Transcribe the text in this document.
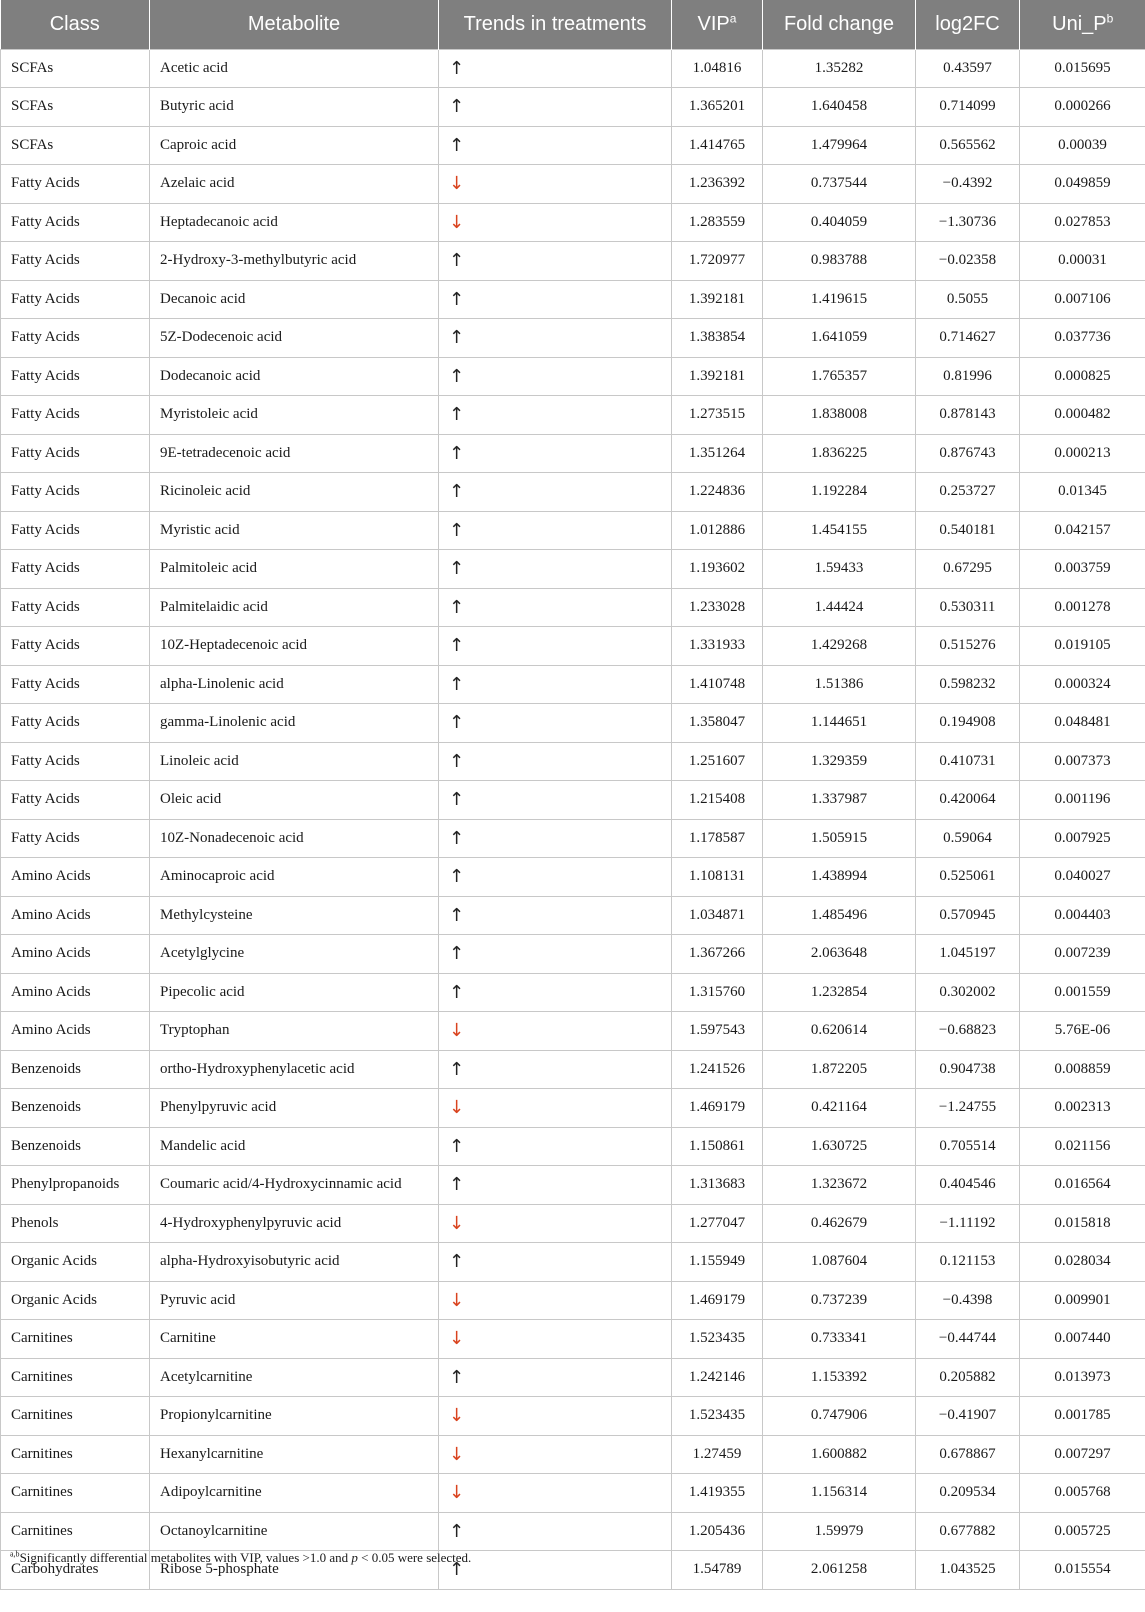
Class	Metabolite	Trends in treatments	VIP$^a$	Fold change	log2FC	$Uni\_P^b$
SCFAs	Acetic acid	↑	1.04816	1.35282	0.43597	0.015695
SCFAs	Butyric acid	↑	1.365201	1.640458	0.714099	0.000266
SCFAs	Caproic acid	↑	1.414765	1.479964	0.565562	0.00039
Fatty Acids	Azelaic acid	↓	1.236392	0.737544	−0.4392	0.049859
Fatty Acids	Heptadecanoic acid	↓	1.283559	0.404059	−1.30736	0.027853
Fatty Acids	2-Hydroxy-3-methylbutyric acid	↑	1.720977	0.983788	−0.02358	0.00031
Fatty Acids	Decanoic acid	↑	1.392181	1.419615	0.5055	0.007106
Fatty Acids	5Z-Dodecenoic acid	↑	1.383854	1.641059	0.714627	0.037736
Fatty Acids	Dodecanoic acid	↑	1.392181	1.765357	0.81996	0.000825
Fatty Acids	Myristoleic acid	↑	1.273515	1.838008	0.878143	0.000482
Fatty Acids	9E-tetradecenoic acid	↑	1.351264	1.836225	0.876743	0.000213
Fatty Acids	Ricinoleic acid	↑	1.224836	1.192284	0.253727	0.01345
Fatty Acids	Myristic acid	↑	1.012886	1.454155	0.540181	0.042157
Fatty Acids	Palmitoleic acid	↑	1.193602	1.59433	0.67295	0.003759
Fatty Acids	Palmitelaidic acid	↑	1.233028	1.44424	0.530311	0.001278
Fatty Acids	10Z-Heptadecenoic acid	↑	1.331933	1.429268	0.515276	0.019105
Fatty Acids	alpha-Linolenic acid	↑	1.410748	1.51386	0.598232	0.000324
Fatty Acids	gamma-Linolenic acid	↑	1.358047	1.144651	0.194908	0.048481
Fatty Acids	Linoleic acid	↑	1.251607	1.329359	0.410731	0.007373
Fatty Acids	Oleic acid	↑	1.215408	1.337987	0.420064	0.001196
Fatty Acids	10Z-Nonadecenoic acid	↑	1.178587	1.505915	0.59064	0.007925
Amino Acids	Aminocaproic acid	↑	1.108131	1.438994	0.525061	0.040027
Amino Acids	Methylcysteine	↑	1.034871	1.485496	0.570945	0.004403
Amino Acids	Acetylglycine	↑	1.367266	2.063648	1.045197	0.007239
Amino Acids	Pipecolic acid	↑	1.315760	1.232854	0.302002	0.001559
Amino Acids	Tryptophan	↓	1.597543	0.620614	−0.68823	5.76E-06
Benzenoids	ortho-Hydroxyphenylacetic acid	↑	1.241526	1.872205	0.904738	0.008859
Benzenoids	Phenylpyruvic acid	↓	1.469179	0.421164	−1.24755	0.002313
Benzenoids	Mandelic acid	↑	1.150861	1.630725	0.705514	0.021156
Phenylpropanoids	Coumaric acid/4-Hydroxycinnamic acid	↑	1.313683	1.323672	0.404546	0.016564
Phenols	4-Hydroxyphenylpyruvic acid	↓	1.277047	0.462679	−1.11192	0.015818
Organic Acids	alpha-Hydroxyisobutyric acid	↑	1.155949	1.087604	0.121153	0.028034
Organic Acids	Pyruvic acid	↓	1.469179	0.737239	−0.4398	0.009901
Carnitines	Carnitine	↓	1.523435	0.733341	−0.44744	0.007440
Carnitines	Acetylcarnitine	↑	1.242146	1.153392	0.205882	0.013973
Carnitines	Propionylcarnitine	↓	1.523435	0.747906	−0.41907	0.001785
Carnitines	Hexanylcarnitine	↓	1.27459	1.600882	0.678867	0.007297
Carnitines	Adipoylcarnitine	↓	1.419355	1.156314	0.209534	0.005768
Carnitines	Octanoylcarnitine	↑	1.205436	1.59979	0.677882	0.005725
Carbohydrates	Ribose 5-phosphate	↑	1.54789	2.061258	1.043525	0.015554
$^{a,b}$Significantly differential metabolites with VIP, values >1.0 and p < 0.05 were selected.
